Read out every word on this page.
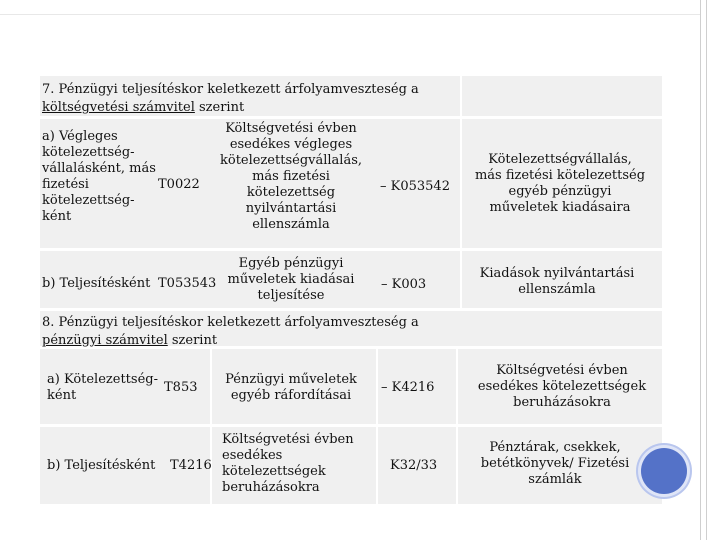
7. Pénzügyi teljesítéskor keletkezett árfolyamveszteség a
költségvetési számvitel szerint
a) Végleges
kötelezettség-
vállalásként, más
fizetési
kötelezettség-
ként
T0022
Költségvetési évben
esedékes végleges
kötelezettségvállalás,
más fizetési
kötelezettség
nyilvántartási
ellenszámla
– K053542
Kötelezettségvállalás,
más fizetési kötelezettség
egyéb pénzügyi
műveletek kiadásaira
b) Teljesítésként T053543
Egyéb pénzügyi
műveletek kiadásai
teljesítése
– K003
Kiadások nyilvántartási
ellenszámla
8. Pénzügyi teljesítéskor keletkezett árfolyamveszteség a
pénzügyi számvitel szerint
a) Kötelezettség-
ként
T853
Pénzügyi műveletek
egyéb ráfordításai
– K4216
Költségvetési évben
esedékes kötelezettségek
beruházásokra
b) Teljesítésként T4216
Költségvetési évben
esedékes
kötelezettségek
beruházásokra
K32/33
Pénztárak, csekkek,
betétkönyvek/ Fizetési
számlák
